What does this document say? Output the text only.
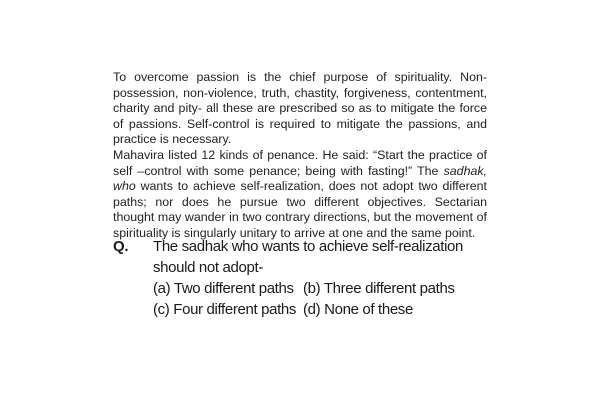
To overcome passion is the chief purpose of spirituality. Non-possession, non-violence, truth, chastity, forgiveness, contentment, charity and pity- all these are prescribed so as to mitigate the force of passions. Self-control is required to mitigate the passions, and practice is necessary.

Mahavira listed 12 kinds of penance. He said: “Start the practice of self –control with some penance; being with fasting!” The sadhak, who wants to achieve self-realization, does not adopt two different paths; nor does he pursue two different objectives. Sectarian thought may wander in two contrary directions, but the movement of spirituality is singularly unitary to arrive at one and the same point.

Q.	The sadhak who wants to achieve self-realization should not adopt-
(a) Two different paths (b) Three different paths
(c) Four different paths (d) None of these
